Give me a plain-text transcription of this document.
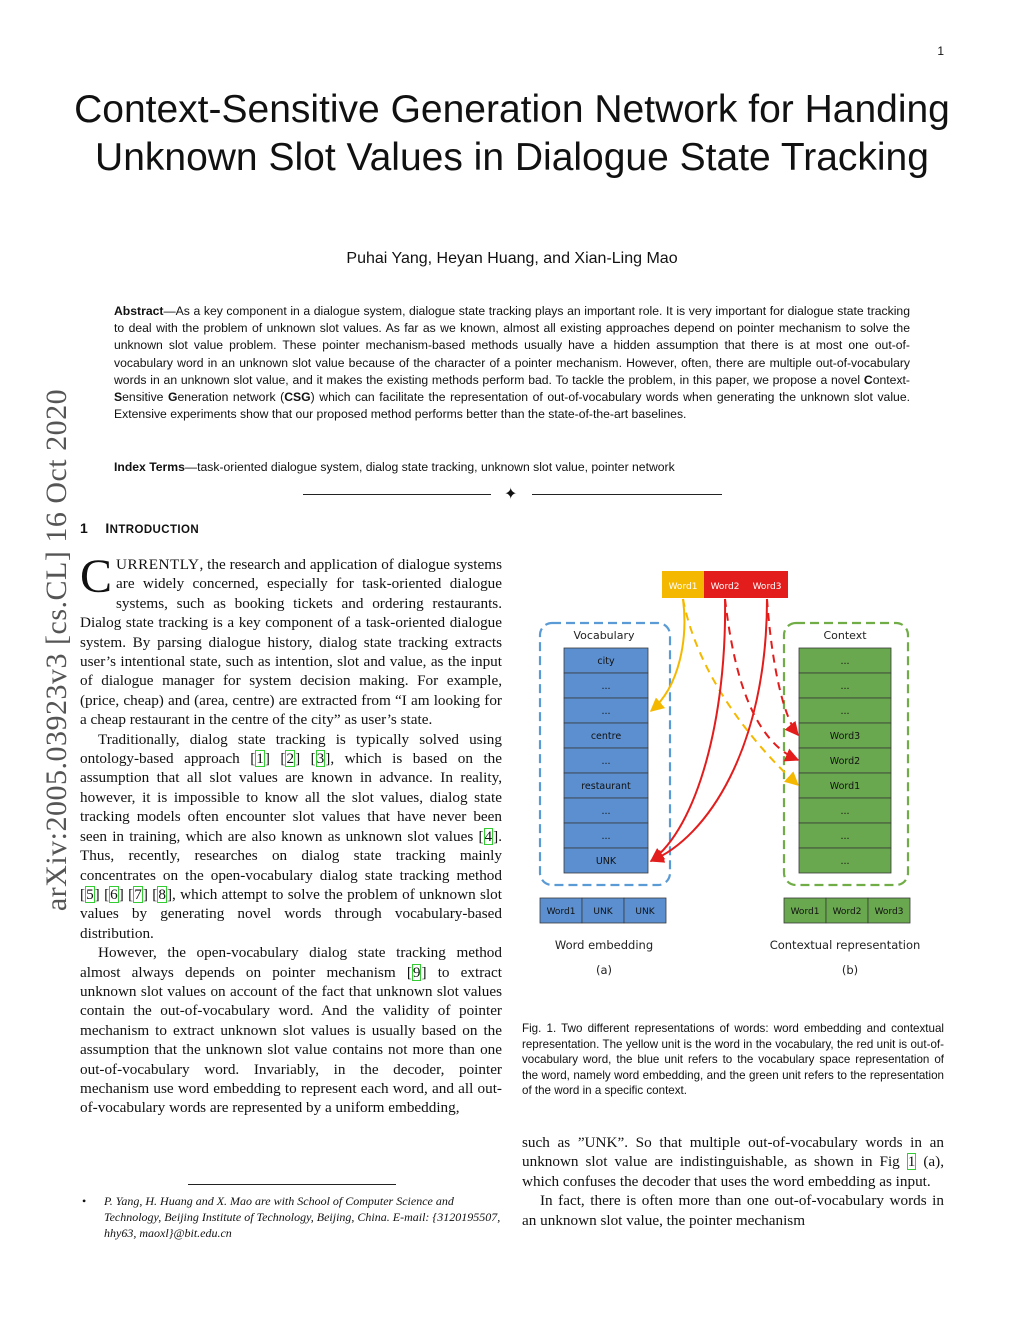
1
Context-Sensitive Generation Network for Handing Unknown Slot Values in Dialogue State Tracking
Puhai Yang, Heyan Huang, and Xian-Ling Mao
arXiv:2005.03923v3 [cs.CL] 16 Oct 2020

Abstract—As a key component in a dialogue system, dialogue state tracking plays an important role. It is very important for dialogue state tracking to deal with the problem of unknown slot values. As far as we known, almost all existing approaches depend on pointer mechanism to solve the unknown slot value problem. These pointer mechanism-based methods usually have a hidden assumption that there is at most one out-of-vocabulary word in an unknown slot value because of the character of a pointer mechanism. However, often, there are multiple out-of-vocabulary words in an unknown slot value, and it makes the existing methods perform bad. To tackle the problem, in this paper, we propose a novel Context-Sensitive Generation network (CSG) which can facilitate the representation of out-of-vocabulary words when generating the unknown slot value. Extensive experiments show that our proposed method performs better than the state-of-the-art baselines.

Index Terms—task-oriented dialogue system, dialog state tracking, unknown slot value, pointer network

✦
1 INTRODUCTION

CURRENTLY, the research and application of dialogue systems are widely concerned, especially for task-oriented dialogue systems, such as booking tickets and ordering restaurants. Dialog state tracking is a key component of a task-oriented dialogue system. By parsing dialogue history, dialog state tracking extracts user’s intentional state, such as intention, slot and value, as the input of dialogue manager for system decision making. For example, (price, cheap) and (area, centre) are extracted from “I am looking for a cheap restaurant in the centre of the city” as user’s state.

Traditionally, dialog state tracking is typically solved using ontology-based approach [1] [2] [3], which is based on the assumption that all slot values are known in advance. In reality, however, it is impossible to know all the slot values, dialog state tracking models often encounter slot values that have never been seen in training, which are also known as unknown slot values [4]. Thus, recently, researches on dialog state tracking mainly concentrates on the open-vocabulary dialog state tracking method [5] [6] [7] [8], which attempt to solve the problem of unknown slot values by generating novel words through vocabulary-based distribution.

However, the open-vocabulary dialog state tracking method almost always depends on pointer mechanism [9] to extract unknown slot values on account of the fact that unknown slot values contain the out-of-vocabulary word. And the validity of pointer mechanism to extract unknown slot values is usually based on the assumption that the unknown slot value contains not more than one out-of-vocabulary word. Invariably, in the decoder, pointer mechanism use word embedding to represent each word, and all out-of-vocabulary words are represented by a uniform embedding,

• P. Yang, H. Huang and X. Mao are with School of Computer Science and Technology, Beijing Institute of Technology, Beijing, China. E-mail: {3120195507, hhy63, maoxl}@bit.edu.cn
Word1 Word2 Word3
Vocabulary	Context
city
...
...
centre
...
restaurant
...
...
UNK
...
...
...
Word3
Word2
Word1
...
...
...
Word1 UNK	UNK	Word1 Word2 Word3
Word embedding
(a)
Contextual representation
(b)

Fig. 1. Two different representations of words: word embedding and contextual representation. The yellow unit is the word in the vocabulary, the red unit is out-of-vocabulary word, the blue unit refers to the vocabulary space representation of the word, namely word embedding, and the green unit refers to the representation of the word in a specific context.

such as ”UNK”. So that multiple out-of-vocabulary words in an unknown slot value are indistinguishable, as shown in Fig 1 (a), which confuses the decoder that uses the word embedding as input.

In fact, there is often more than one out-of-vocabulary words in an unknown slot value, the pointer mechanism
